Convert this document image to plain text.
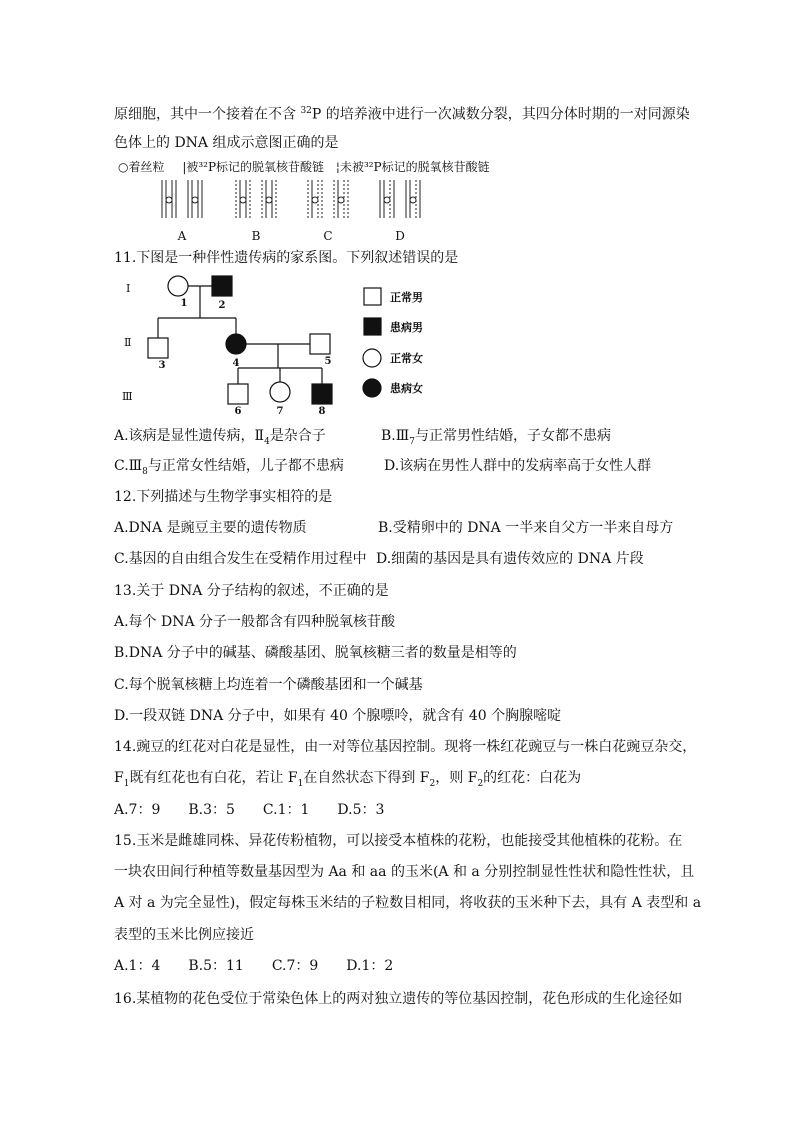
原细胞，其中一个接着在不含 $^{32}$P 的培养液中进行一次减数分裂，其四分体时期的一对同源染
色体上的 DNA 组成示意图正确的是
○着丝粒 |被³²P标记的脱氧核苷酸链 ¦未被³²P标记的脱氧核苷酸链
A	B	C	D
11.下图是一种伴性遗传病的家系图。下列叙述错误的是
I
Ⅱ
Ⅲ
1	2
3	4	5
6	7	8
正常男
患病男
正常女
患病女
A.该病是显性遗传病，$Ⅱ_4$是杂合子	$B.Ⅲ_7$与正常男性结婚，子女都不患病
$C.Ⅲ_8$与正常女性结婚，儿子都不患病	D.该病在男性人群中的发病率高于女性人群
12.下列描述与生物学事实相符的是
A.DNA 是豌豆主要的遗传物质	B.受精卵中的 DNA 一半来自父方一半来自母方
C.基因的自由组合发生在受精作用过程中 D.细菌的基因是具有遗传效应的 DNA 片段
13.关于 DNA 分子结构的叙述，不正确的是
A.每个 DNA 分子一般都含有四种脱氧核苷酸
B.DNA 分子中的碱基、磷酸基团、脱氧核糖三者的数量是相等的
C.每个脱氧核糖上均连着一个磷酸基团和一个碱基
D.一段双链 DNA 分子中，如果有 40 个腺嘌呤，就含有 40 个胸腺嘧啶
14.豌豆的红花对白花是显性，由一对等位基因控制。现将一株红花豌豆与一株白花豌豆杂交，
$F_1$既有红花也有白花，若让 $F_1$在自然状态下得到 $F_2$，则 $F_2$的红花：白花为
A.7：9　　B.3：5　　C.1：1　　D.5：3
15.玉米是雌雄同株、异花传粉植物，可以接受本植株的花粉，也能接受其他植株的花粉。在
一块农田间行种植等数量基因型为 Aa 和 aa 的玉米(A 和 a 分别控制显性性状和隐性性状，且
A 对 a 为完全显性)，假定每株玉米结的子粒数目相同，将收获的玉米种下去，具有 A 表型和 a
表型的玉米比例应接近
A.1：4　　B.5：11　　C.7：9　　D.1：2
16.某植物的花色受位于常染色体上的两对独立遗传的等位基因控制，花色形成的生化途径如
